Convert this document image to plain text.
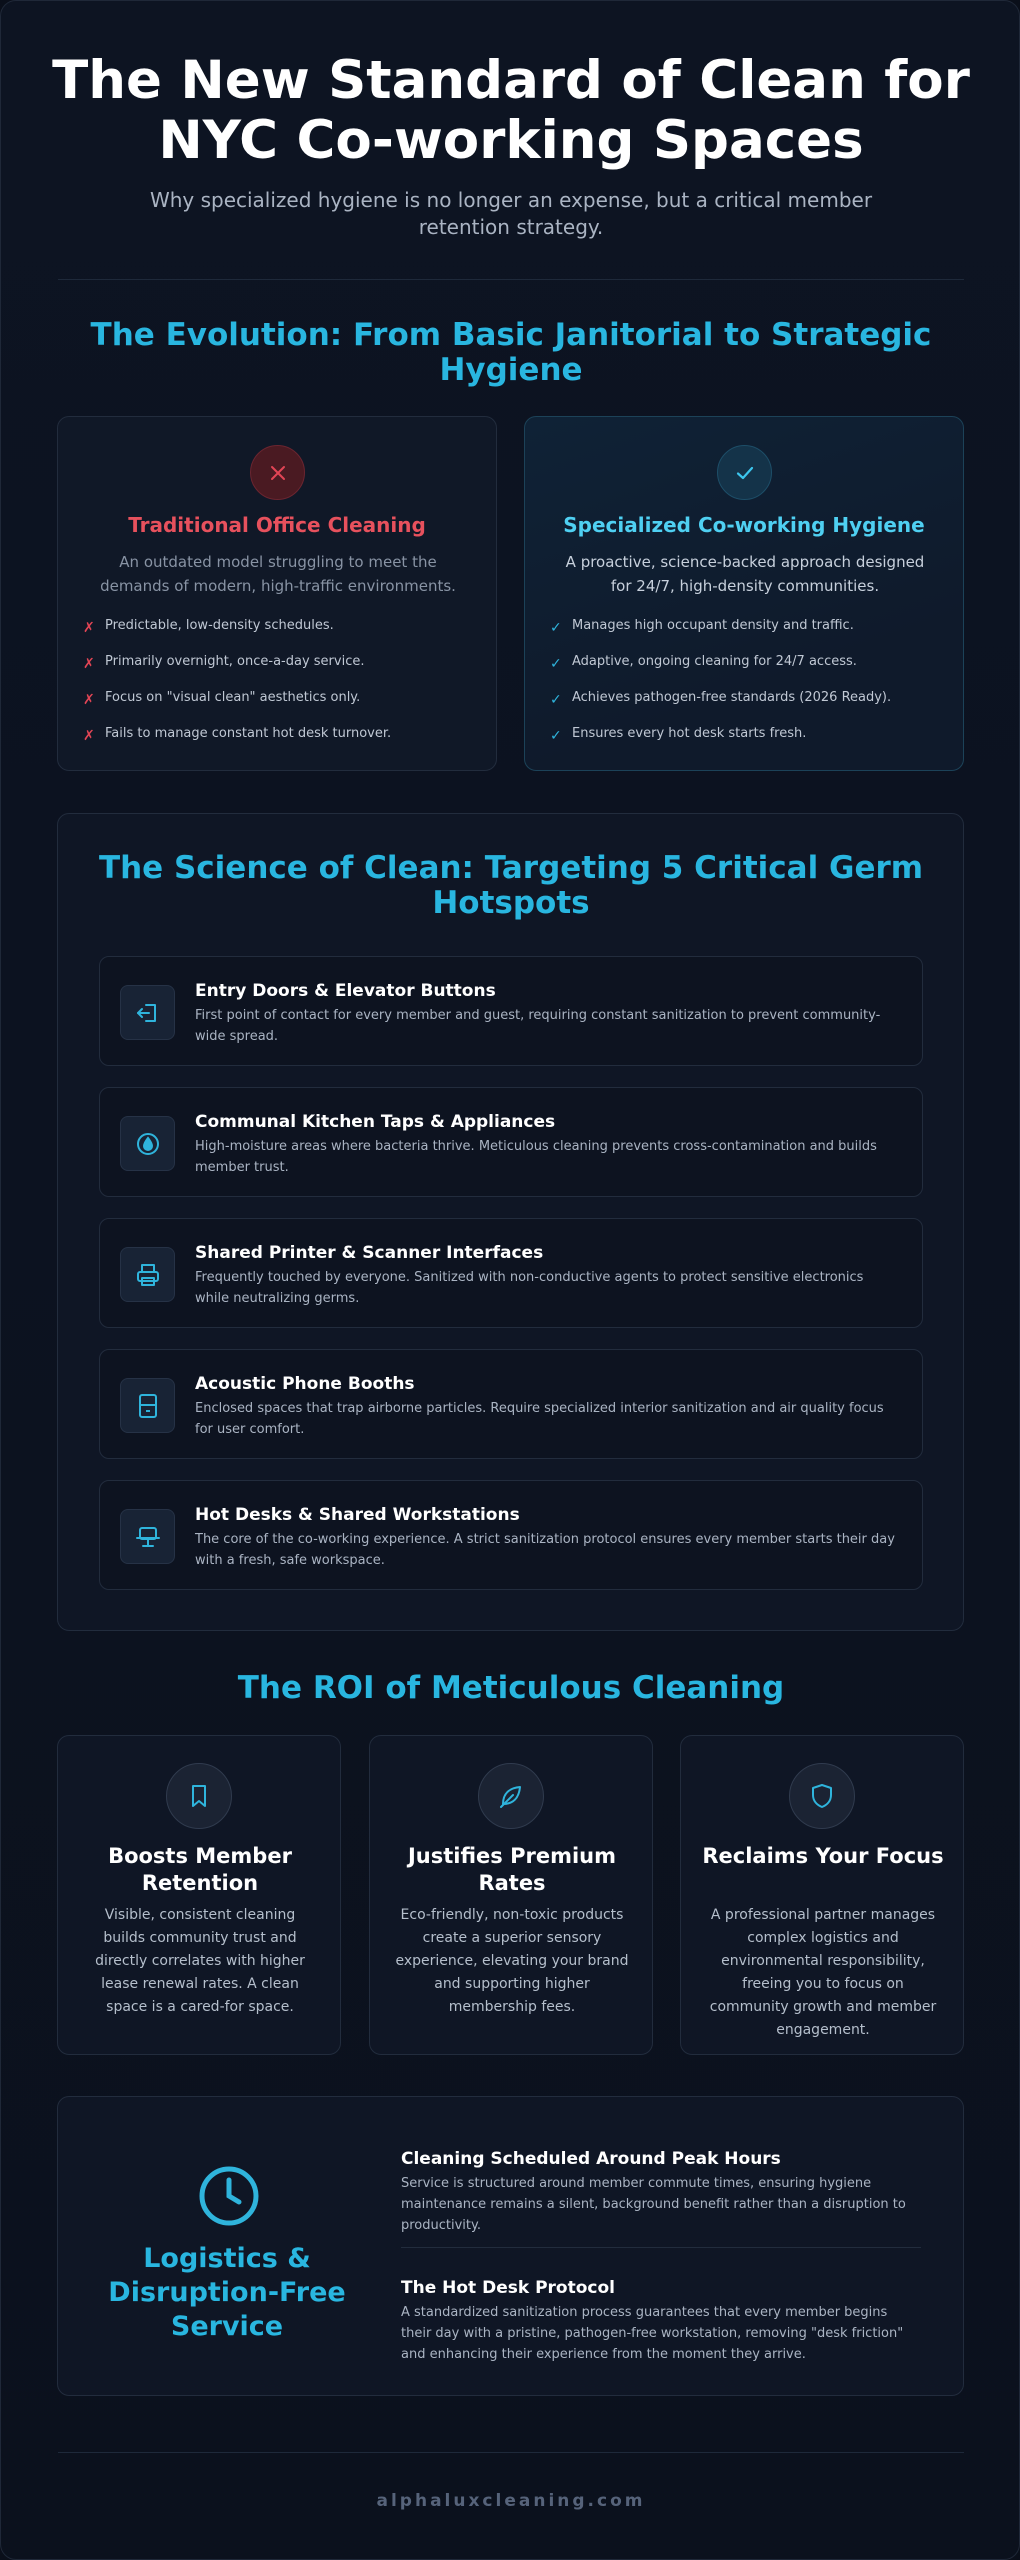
The New Standard of Clean for NYC Co-working Spaces

Why specialized hygiene is no longer an expense, but a critical member retention strategy.

The Evolution: From Basic Janitorial to Strategic Hygiene
Traditional Office Cleaning

An outdated model struggling to meet the demands of modern, high-traffic environments.

✗ Predictable, low-density schedules.
✗ Primarily overnight, once-a-day service.
✗ Focus on "visual clean" aesthetics only.
✗ Fails to manage constant hot desk turnover.
Specialized Co-working Hygiene

A proactive, science-backed approach designed for 24/7, high-density communities.

✓ Manages high occupant density and traffic.
✓ Adaptive, ongoing cleaning for 24/7 access.
✓ Achieves pathogen-free standards (2026 Ready).
✓ Ensures every hot desk starts fresh.
The Science of Clean: Targeting 5 Critical Germ Hotspots
Entry Doors & Elevator Buttons
First point of contact for every member and guest, requiring constant sanitization to prevent community-wide spread.
Communal Kitchen Taps & Appliances
High-moisture areas where bacteria thrive. Meticulous cleaning prevents cross-contamination and builds member trust.
Shared Printer & Scanner Interfaces
Frequently touched by everyone. Sanitized with non-conductive agents to protect sensitive electronics while neutralizing germs.
Acoustic Phone Booths
Enclosed spaces that trap airborne particles. Require specialized interior sanitization and air quality focus for user comfort.
Hot Desks & Shared Workstations
The core of the co-working experience. A strict sanitization protocol ensures every member starts their day with a fresh, safe workspace.
The ROI of Meticulous Cleaning
Boosts Member Retention
Visible, consistent cleaning builds community trust and directly correlates with higher lease renewal rates. A clean space is a cared-for space.
Justifies Premium Rates
Eco-friendly, non-toxic products create a superior sensory experience, elevating your brand and supporting higher membership fees.
Reclaims Your Focus
A professional partner manages complex logistics and environmental responsibility, freeing you to focus on community growth and member engagement.
Logistics & Disruption-Free Service
Cleaning Scheduled Around Peak Hours
Service is structured around member commute times, ensuring hygiene maintenance remains a silent, background benefit rather than a disruption to productivity.
The Hot Desk Protocol
A standardized sanitization process guarantees that every member begins their day with a pristine, pathogen-free workstation, removing "desk friction" and enhancing their experience from the moment they arrive.
alphaluxcleaning.com
